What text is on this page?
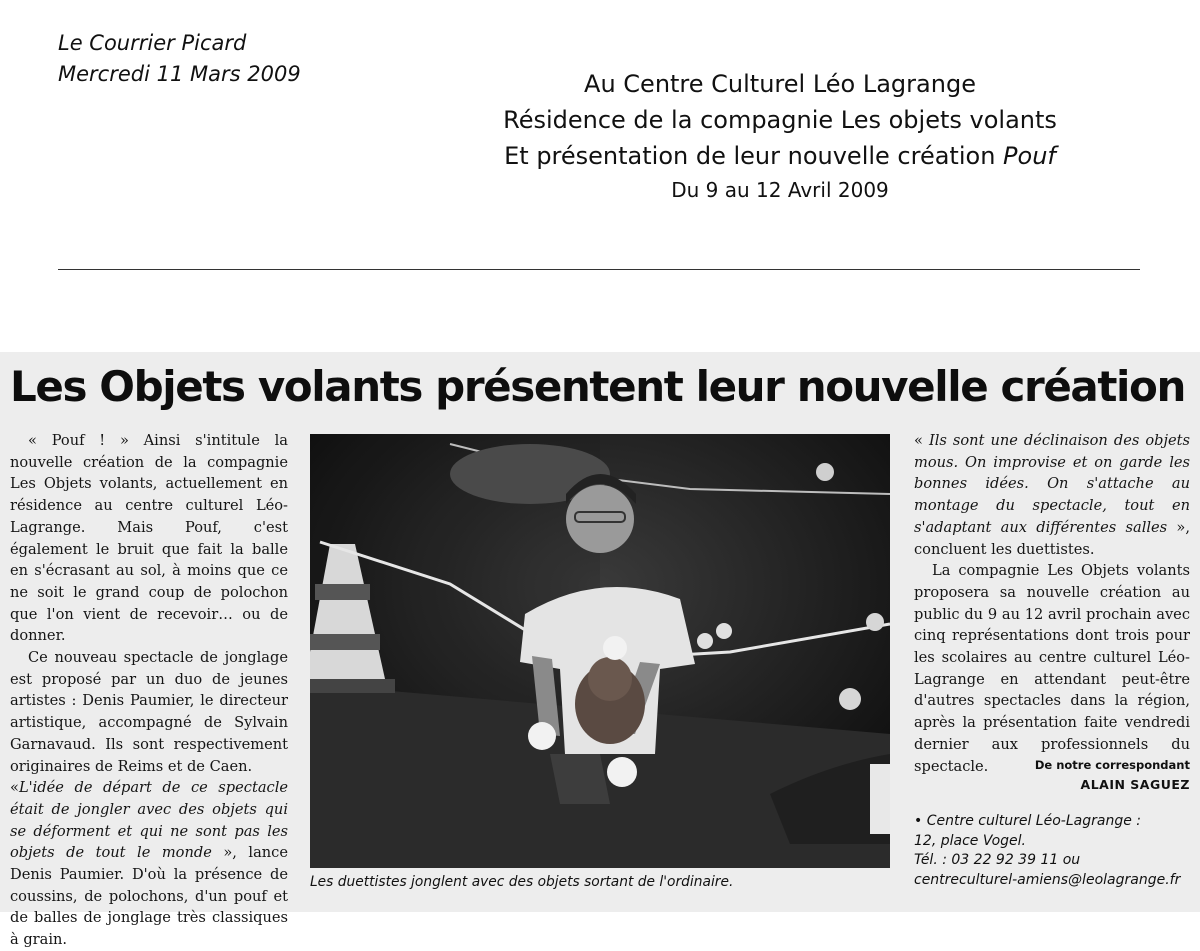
Le Courrier Picard
Mercredi 11 Mars 2009	Au Centre Culturel Léo Lagrange
Résidence de la compagnie Les objets volants
Et présentation de leur nouvelle création Pouf
Du 9 au 12 Avril 2009
Les Objets volants présentent leur nouvelle création

« Pouf ! » Ainsi s'intitule la nouvelle création de la compagnie Les Objets volants, actuellement en résidence au centre culturel Léo-Lagrange. Mais Pouf, c'est également le bruit que fait la balle en s'écrasant au sol, à moins que ce ne soit le grand coup de polochon que l'on vient de recevoir… ou de donner.

Ce nouveau spectacle de jonglage est proposé par un duo de jeunes artistes : Denis Paumier, le directeur artistique, accompagné de Sylvain Garnavaud. Ils sont respectivement originaires de Reims et de Caen.

«L'idée de départ de ce spectacle était de jongler avec des objets qui se déforment et qui ne sont pas les objets de tout le monde », lance Denis Paumier. D'où la présence de coussins, de polochons, d'un pouf et de balles de jonglage très classiques à grain.

Les duettistes jonglent avec des objets sortant de l'ordinaire.

« Ils sont une déclinaison des objets mous. On improvise et on garde les bonnes idées. On s'attache au montage du spectacle, tout en s'adaptant aux différentes salles », concluent les duettistes.

La compagnie Les Objets volants proposera sa nouvelle création au public du 9 au 12 avril prochain avec cinq représentations dont trois pour les scolaires au centre culturel Léo-Lagrange en attendant peut-être d'autres spectacles dans la région, après la présentation faite vendredi dernier aux professionnels du spectacle.	De notre correspondant
ALAIN SAGUEZ
• Centre culturel Léo-Lagrange :
12, place Vogel.
Tél. : 03 22 92 39 11 ou
centreculturel-amiens@leolagrange.fr
